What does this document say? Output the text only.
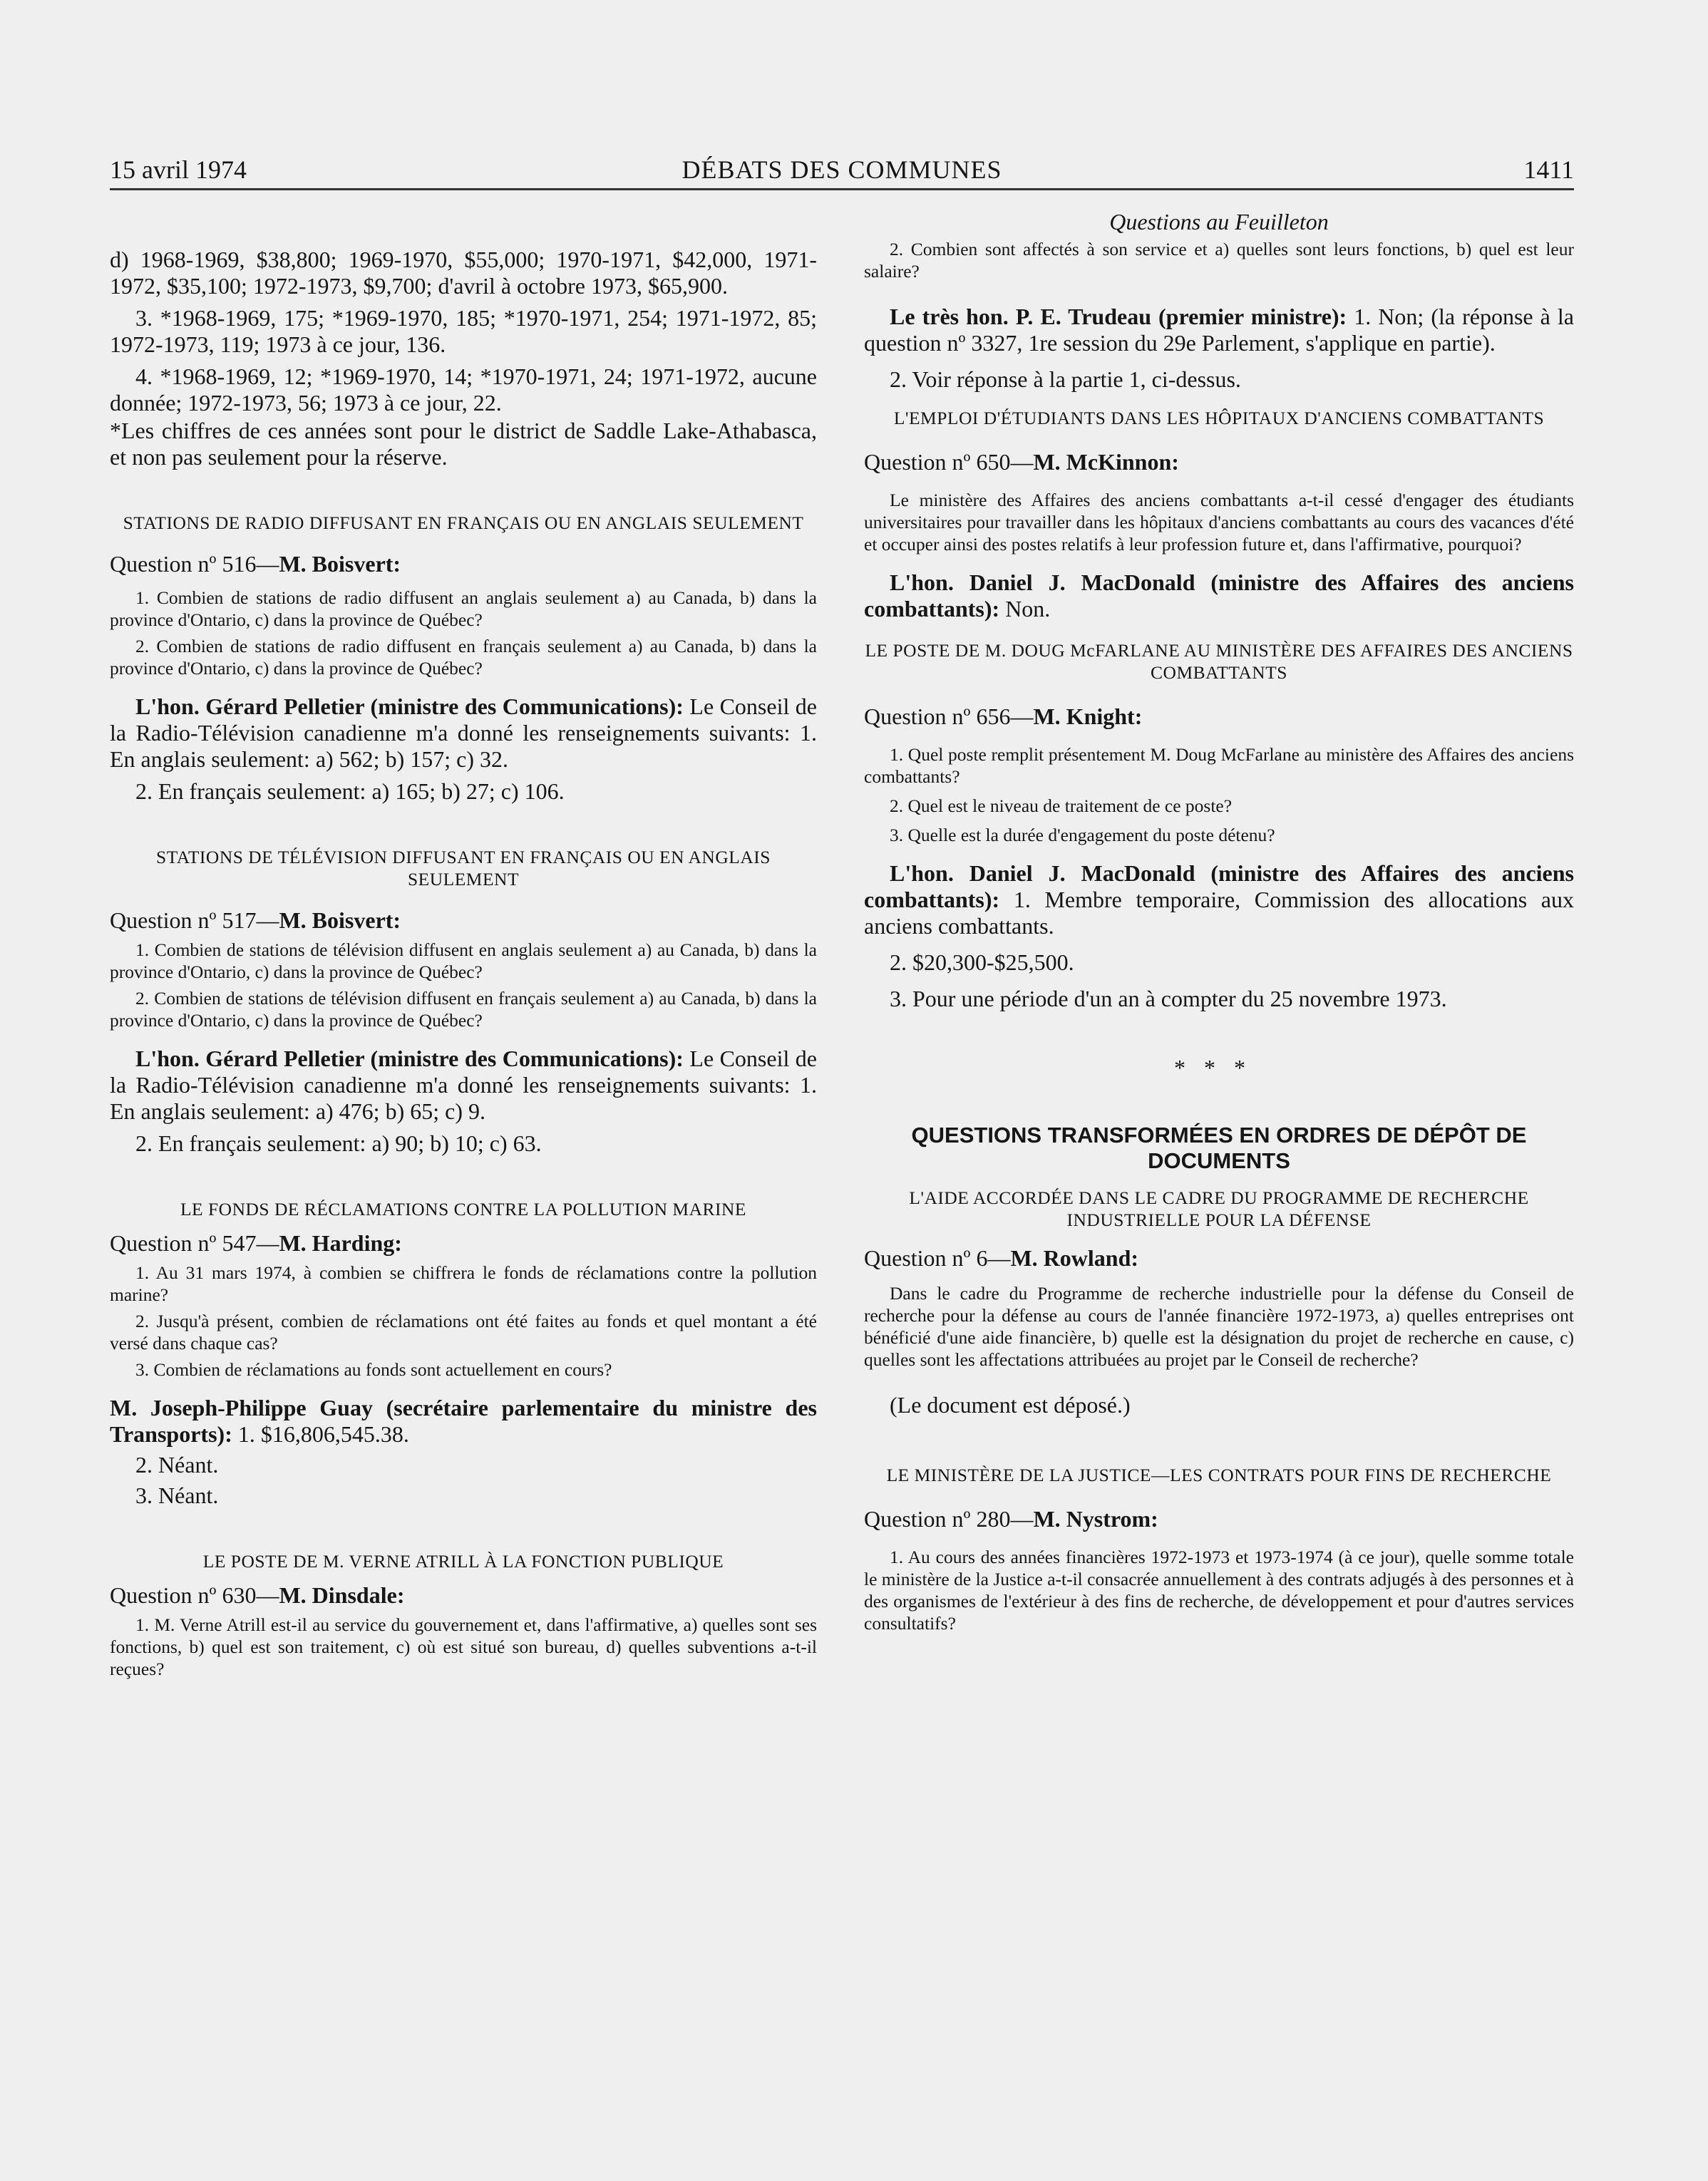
15 avril 1974	DÉBATS DES COMMUNES	1411

d) 1968-1969, $38,800; 1969-1970, $55,000; 1970-1971, $42,000, 1971-1972, $35,100; 1972-1973, $9,700; d'avril à octobre 1973, $65,900.

3. *1968-1969, 175; *1969-1970, 185; *1970-1971, 254; 1971-1972, 85; 1972-1973, 119; 1973 à ce jour, 136.

4. *1968-1969, 12; *1969-1970, 14; *1970-1971, 24; 1971-1972, aucune donnée; 1972-1973, 56; 1973 à ce jour, 22.

*Les chiffres de ces années sont pour le district de Saddle Lake-Athabasca, et non pas seulement pour la réserve.

STATIONS DE RADIO DIFFUSANT EN FRANÇAIS OU EN ANGLAIS SEULEMENT

Question nº 516—M. Boisvert:

1. Combien de stations de radio diffusent an anglais seulement a) au Canada, b) dans la province d'Ontario, c) dans la province de Québec?

2. Combien de stations de radio diffusent en français seulement a) au Canada, b) dans la province d'Ontario, c) dans la province de Québec?

L'hon. Gérard Pelletier (ministre des Communications): Le Conseil de la Radio-Télévision canadienne m'a donné les renseignements suivants: 1. En anglais seulement: a) 562; b) 157; c) 32.

2. En français seulement: a) 165; b) 27; c) 106.

STATIONS DE TÉLÉVISION DIFFUSANT EN FRANÇAIS OU EN ANGLAIS SEULEMENT

Question nº 517—M. Boisvert:

1. Combien de stations de télévision diffusent en anglais seulement a) au Canada, b) dans la province d'Ontario, c) dans la province de Québec?

2. Combien de stations de télévision diffusent en français seulement a) au Canada, b) dans la province d'Ontario, c) dans la province de Québec?

L'hon. Gérard Pelletier (ministre des Communications): Le Conseil de la Radio-Télévision canadienne m'a donné les renseignements suivants: 1. En anglais seulement: a) 476; b) 65; c) 9.

2. En français seulement: a) 90; b) 10; c) 63.

LE FONDS DE RÉCLAMATIONS CONTRE LA POLLUTION MARINE

Question nº 547—M. Harding:

1. Au 31 mars 1974, à combien se chiffrera le fonds de réclamations contre la pollution marine?

2. Jusqu'à présent, combien de réclamations ont été faites au fonds et quel montant a été versé dans chaque cas?

3. Combien de réclamations au fonds sont actuellement en cours?

M. Joseph-Philippe Guay (secrétaire parlementaire du ministre des Transports): 1. $16,806,545.38.

2. Néant.

3. Néant.

LE POSTE DE M. VERNE ATRILL À LA FONCTION PUBLIQUE

Question nº 630—M. Dinsdale:

1. M. Verne Atrill est-il au service du gouvernement et, dans l'affirmative, a) quelles sont ses fonctions, b) quel est son traitement, c) où est situé son bureau, d) quelles subventions a-t-il reçues?

Questions au Feuilleton

2. Combien sont affectés à son service et a) quelles sont leurs fonctions, b) quel est leur salaire?

Le très hon. P. E. Trudeau (premier ministre): 1. Non; (la réponse à la question nº 3327, 1re session du 29e Parlement, s'applique en partie).

2. Voir réponse à la partie 1, ci-dessus.

L'EMPLOI D'ÉTUDIANTS DANS LES HÔPITAUX D'ANCIENS COMBATTANTS

Question nº 650—M. McKinnon:

Le ministère des Affaires des anciens combattants a-t-il cessé d'engager des étudiants universitaires pour travailler dans les hôpitaux d'anciens combattants au cours des vacances d'été et occuper ainsi des postes relatifs à leur profession future et, dans l'affirmative, pourquoi?

L'hon. Daniel J. MacDonald (ministre des Affaires des anciens combattants): Non.

LE POSTE DE M. DOUG McFARLANE AU MINISTÈRE DES AFFAIRES DES ANCIENS COMBATTANTS

Question nº 656—M. Knight:

1. Quel poste remplit présentement M. Doug McFarlane au ministère des Affaires des anciens combattants?

2. Quel est le niveau de traitement de ce poste?

3. Quelle est la durée d'engagement du poste détenu?

L'hon. Daniel J. MacDonald (ministre des Affaires des anciens combattants): 1. Membre temporaire, Commission des allocations aux anciens combattants.

2. $20,300-$25,500.

3. Pour une période d'un an à compter du 25 novembre 1973.

***

QUESTIONS TRANSFORMÉES EN ORDRES DE DÉPÔT DE DOCUMENTS

L'AIDE ACCORDÉE DANS LE CADRE DU PROGRAMME DE RECHERCHE INDUSTRIELLE POUR LA DÉFENSE

Question nº 6—M. Rowland:

Dans le cadre du Programme de recherche industrielle pour la défense du Conseil de recherche pour la défense au cours de l'année financière 1972-1973, a) quelles entreprises ont bénéficié d'une aide financière, b) quelle est la désignation du projet de recherche en cause, c) quelles sont les affectations attribuées au projet par le Conseil de recherche?

(Le document est déposé.)

LE MINISTÈRE DE LA JUSTICE—LES CONTRATS POUR FINS DE RECHERCHE

Question nº 280—M. Nystrom:

1. Au cours des années financières 1972-1973 et 1973-1974 (à ce jour), quelle somme totale le ministère de la Justice a-t-il consacrée annuellement à des contrats adjugés à des personnes et à des organismes de l'extérieur à des fins de recherche, de développement et pour d'autres services consultatifs?
